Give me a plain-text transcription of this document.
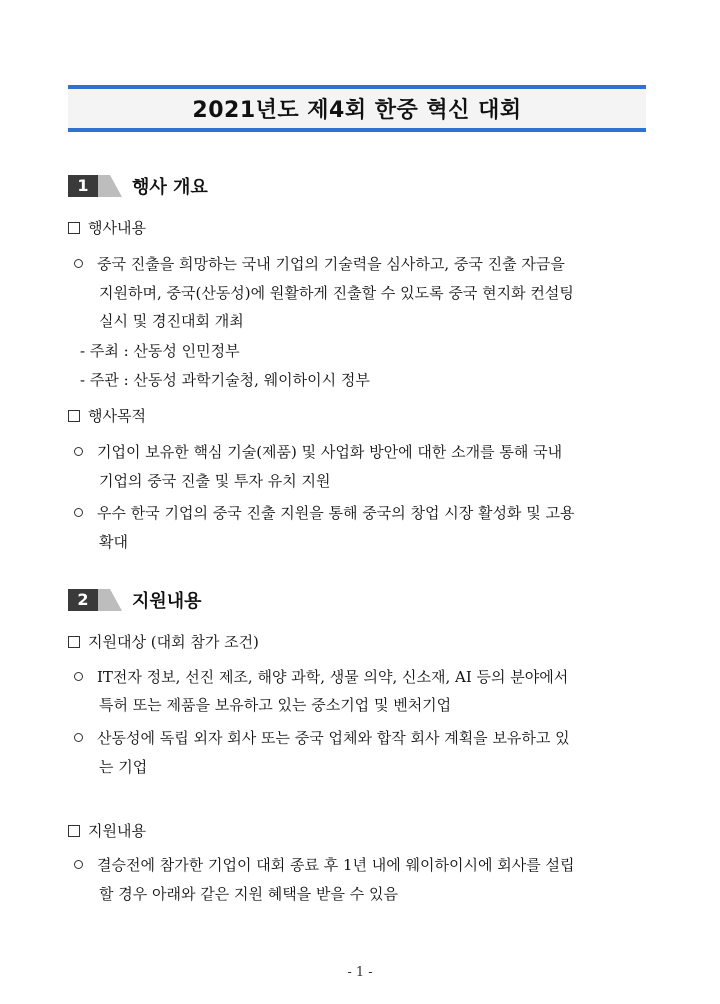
2021년도 제4회 한중 혁신 대회
1	행사 개요
행사내용
중국 진출을 희망하는 국내 기업의 기술력을 심사하고, 중국 진출 자금을
지원하며, 중국(산동성)에 원활하게 진출할 수 있도록 중국 현지화 컨설팅
실시 및 경진대회 개최
- 주최 : 산동성 인민정부
- 주관 : 산동성 과학기술청, 웨이하이시 정부
행사목적
기업이 보유한 핵심 기술(제품) 및 사업화 방안에 대한 소개를 통해 국내
기업의 중국 진출 및 투자 유치 지원
우수 한국 기업의 중국 진출 지원을 통해 중국의 창업 시장 활성화 및 고용
확대
2	지원내용
지원대상 (대회 참가 조건)
IT전자 정보, 선진 제조, 해양 과학, 생물 의약, 신소재, AI 등의 분야에서
특허 또는 제품을 보유하고 있는 중소기업 및 벤처기업
산동성에 독립 외자 회사 또는 중국 업체와 합작 회사 계획을 보유하고 있
는 기업
지원내용
결승전에 참가한 기업이 대회 종료 후 1년 내에 웨이하이시에 회사를 설립
할 경우 아래와 같은 지원 혜택을 받을 수 있음
- 1 -
